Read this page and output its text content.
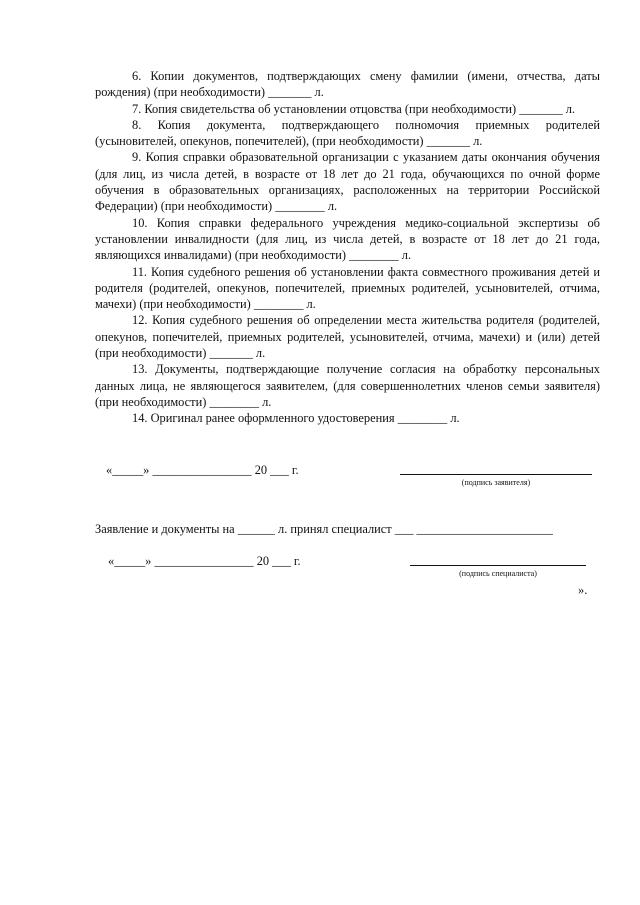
6. Копии документов, подтверждающих смену фамилии (имени, отчества, даты рождения) (при необходимости) _______ л.

7. Копия свидетельства об установлении отцовства (при необходимости) _______ л.

8. Копия документа, подтверждающего полномочия приемных родителей (усыновителей, опекунов, попечителей), (при необходимости) _______ л.

9. Копия справки образовательной организации с указанием даты окончания обучения (для лиц, из числа детей, в возрасте от 18 лет до 21 года, обучающихся по очной форме обучения в образовательных организациях, расположенных на территории Российской Федерации) (при необходимости) ________ л.

10. Копия справки федерального учреждения медико-социальной экспертизы об установлении инвалидности (для лиц, из числа детей, в возрасте от 18 лет до 21 года, являющихся инвалидами) (при необходимости) ________ л.

11. Копия судебного решения об установлении факта совместного проживания детей и родителя (родителей, опекунов, попечителей, приемных родителей, усыновителей, отчима, мачехи) (при необходимости) ________ л.

12. Копия судебного решения об определении места жительства родителя (родителей, опекунов, попечителей, приемных родителей, усыновителей, отчима, мачехи) и (или) детей (при необходимости) _______ л.

13. Документы, подтверждающие получение согласия на обработку персональных данных лица, не являющегося заявителем, (для совершеннолетних членов семьи заявителя) (при необходимости) ________ л.

14. Оригинал ранее оформленного удостоверения ________ л.

«_____» ________________ 20 ___ г.
(подпись заявителя)
Заявление и документы на ______ л. принял специалист ___ ______________________
«_____» ________________ 20 ___ г.
(подпись специалиста)
».
